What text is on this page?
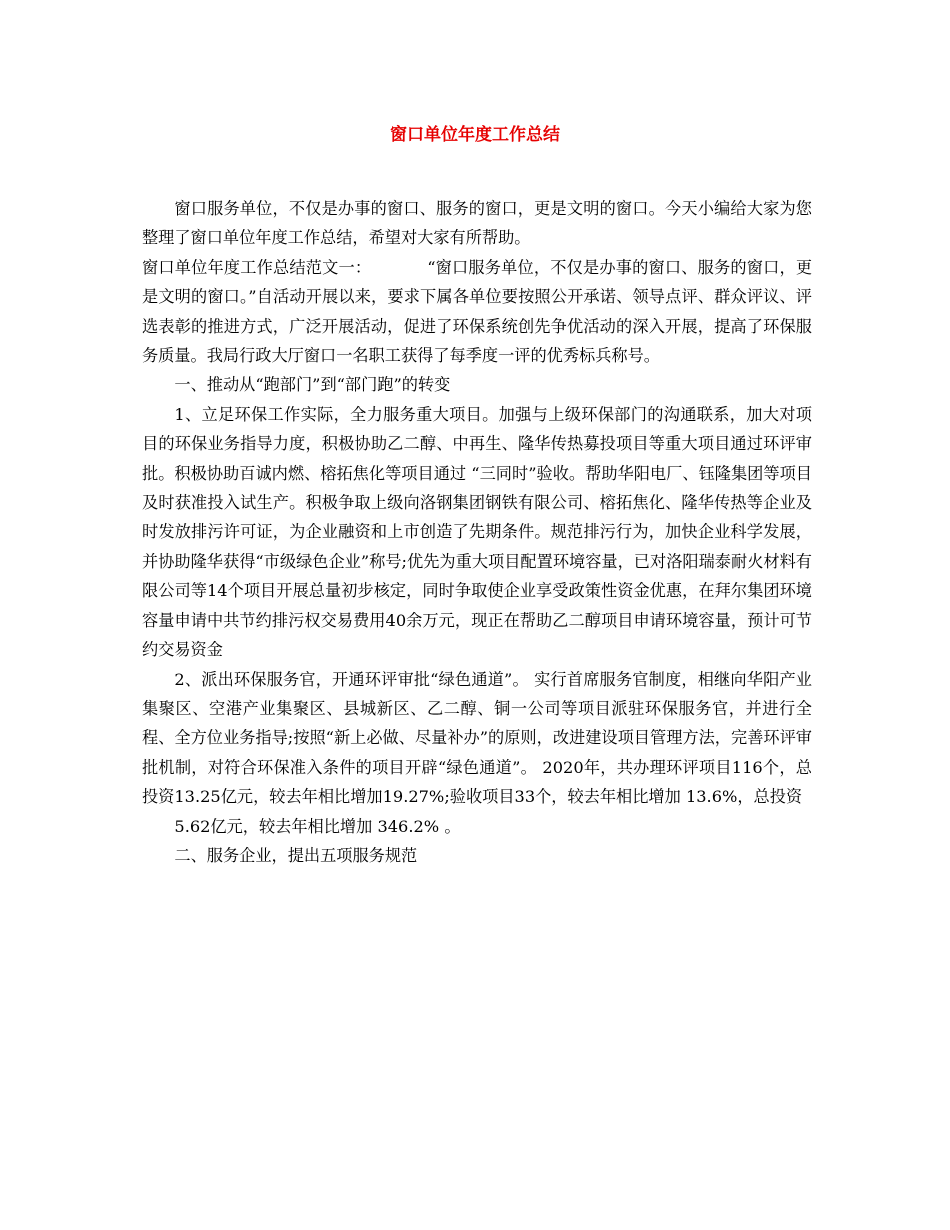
窗口单位年度工作总结

窗口服务单位，不仅是办事的窗口、服务的窗口，更是文明的窗口。今天小编给大家为您整理了窗口单位年度工作总结，希望对大家有所帮助。

窗口单位年度工作总结范文一：	“窗口服务单位，不仅是办事的窗口、服务的窗口，更是文明的窗口。”自活动开展以来，要求下属各单位要按照公开承诺、领导点评、群众评议、评选表彰的推进方式，广泛开展活动，促进了环保系统创先争优活动的深入开展，提高了环保服务质量。我局行政大厅窗口一名职工获得了每季度一评的优秀标兵称号。

一、推动从“跑部门”到“部门跑”的转变

1、立足环保工作实际，全力服务重大项目。加强与上级环保部门的沟通联系，加大对项目的环保业务指导力度，积极协助乙二醇、中再生、隆华传热募投项目等重大项目通过环评审批。积极协助百诚内燃、榕拓焦化等项目通过 “三同时”验收。帮助华阳电厂、钰隆集团等项目及时获准投入试生产。积极争取上级向洛钢集团钢铁有限公司、榕拓焦化、隆华传热等企业及时发放排污许可证，为企业融资和上市创造了先期条件。规范排污行为，加快企业科学发展，并协助隆华获得“市级绿色企业”称号;优先为重大项目配置环境容量，已对洛阳瑞泰耐火材料有限公司等14个项目开展总量初步核定，同时争取使企业享受政策性资金优惠，在拜尔集团环境容量申请中共节约排污权交易费用40余万元，现正在帮助乙二醇项目申请环境容量，预计可节约交易资金

2、派出环保服务官，开通环评审批“绿色通道”。 实行首席服务官制度，相继向华阳产业集聚区、空港产业集聚区、县城新区、乙二醇、铜一公司等项目派驻环保服务官，并进行全程、全方位业务指导;按照“新上必做、尽量补办”的原则，改进建设项目管理方法，完善环评审批机制，对符合环保准入条件的项目开辟“绿色通道”。 2020年，共办理环评项目116个，总投资13.25亿元，较去年相比增加19.27%;验收项目33个，较去年相比增加 13.6%，总投资

5.62亿元，较去年相比增加 346.2% 。

二、服务企业，提出五项服务规范
